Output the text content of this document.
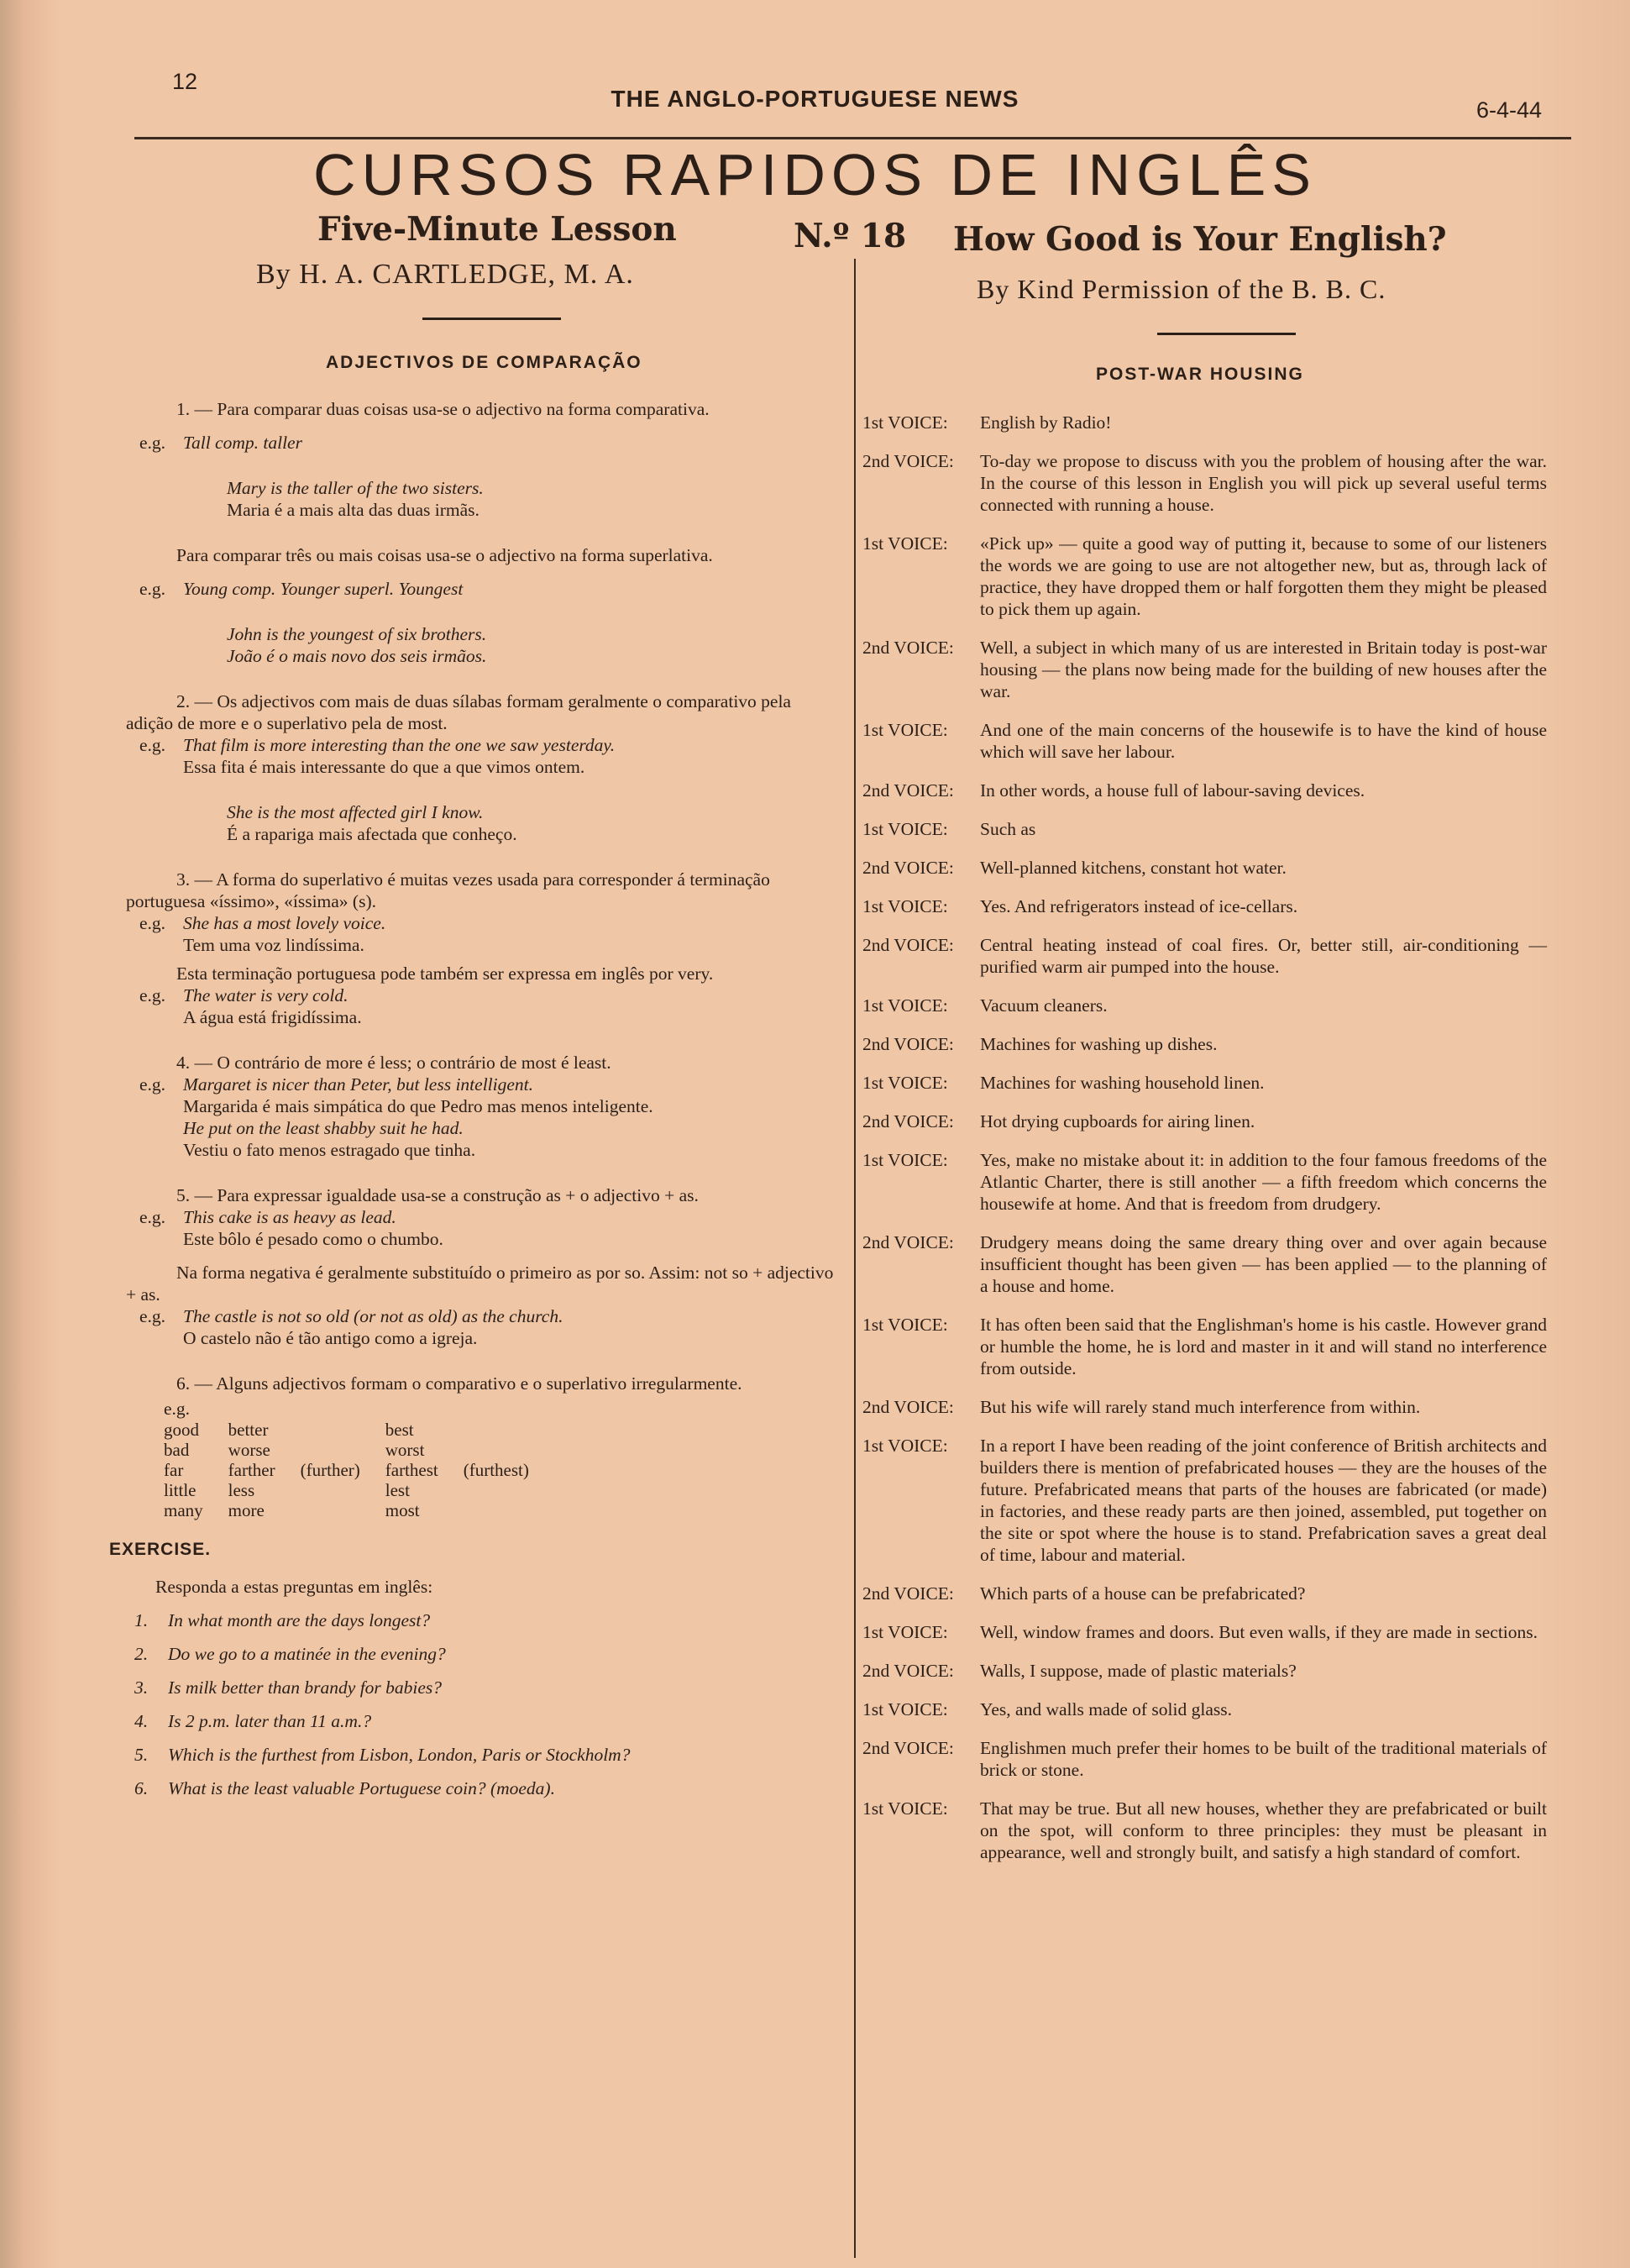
12
THE ANGLO-PORTUGUESE NEWS	6-4-44
CURSOS RAPIDOS DE INGLÊS
Five-Minute Lesson	N.º 18 How Good is Your English?
By H. A. CARTLEDGE, M. A.	By Kind Permission of the B. B. C.
ADJECTIVOS DE COMPARAÇÃO
POST-WAR HOUSING

1. — Para comparar duas coisas usa-se o adjectivo na forma comparativa.

e.g. Tall comp. taller

Mary is the taller of the two sisters.

Maria é a mais alta das duas irmãs.

Para comparar três ou mais coisas usa-se o adjectivo na forma superlativa.

e.g. Young comp. Younger superl. Youngest

John is the youngest of six brothers.

João é o mais novo dos seis irmãos.

2. — Os adjectivos com mais de duas sílabas formam geralmente o comparativo pela adição de more e o superlativo pela de most.

e.g. That film is more interesting than the one we saw yesterday.

Essa fita é mais interessante do que a que vimos ontem.

She is the most affected girl I know.

É a rapariga mais afectada que conheço.

3. — A forma do superlativo é muitas vezes usada para corresponder á terminação portuguesa «íssimo», «íssima» (s).

e.g. She has a most lovely voice.

Tem uma voz lindíssima.

Esta terminação portuguesa pode também ser expressa em inglês por very.

e.g. The water is very cold.

A água está frigidíssima.

4. — O contrário de more é less; o contrário de most é least.

e.g. Margaret is nicer than Peter, but less intelligent.

Margarida é mais simpática do que Pedro mas menos inteligente.

He put on the least shabby suit he had.

Vestiu o fato menos estragado que tinha.

5. — Para expressar igualdade usa-se a construção as + o adjectivo + as.

e.g. This cake is as heavy as lead.

Este bôlo é pesado como o chumbo.

Na forma negativa é geralmente substituído o primeiro as por so. Assim: not so + adjectivo + as.

e.g. The castle is not so old (or not as old) as the church.

O castelo não é tão antigo como a igreja.

6. — Alguns adjectivos formam o comparativo e o superlativo irregularmente.

e.g.

good	better		best	
bad	worse		worst	
far	farther	(further)	farthest	(furthest)
little	less		lest	
many	more		most	
EXERCISE.

Responda a estas preguntas em inglês:

1. In what month are the days longest?

2. Do we go to a matinée in the evening?

3. Is milk better than brandy for babies?

4. Is 2 p.m. later than 11 a.m.?

5. Which is the furthest from Lisbon, London, Paris or Stockholm?

6. What is the least valuable Portuguese coin? (moeda).

1st VOICE:	English by Radio!
2nd VOICE:	To-day we propose to discuss with you the problem of housing after the war. In the course of this lesson in English you will pick up several useful terms connected with running a house.
1st VOICE:	«Pick up» — quite a good way of putting it, because to some of our listeners the words we are going to use are not altogether new, but as, through lack of practice, they have dropped them or half forgotten them they might be pleased to pick them up again.
2nd VOICE:	Well, a subject in which many of us are interested in Britain today is post-war housing — the plans now being made for the building of new houses after the war.
1st VOICE:	And one of the main concerns of the housewife is to have the kind of house which will save her labour.
2nd VOICE:	In other words, a house full of labour-saving devices.
1st VOICE:	Such as
2nd VOICE:	Well-planned kitchens, constant hot water.
1st VOICE:	Yes. And refrigerators instead of ice-cellars.
2nd VOICE:	Central heating instead of coal fires. Or, better still, air-conditioning — purified warm air pumped into the house.
1st VOICE:	Vacuum cleaners.
2nd VOICE:	Machines for washing up dishes.
1st VOICE:	Machines for washing household linen.
2nd VOICE:	Hot drying cupboards for airing linen.
1st VOICE:	Yes, make no mistake about it: in addition to the four famous freedoms of the Atlantic Charter, there is still another — a fifth freedom which concerns the housewife at home. And that is freedom from drudgery.
2nd VOICE:	Drudgery means doing the same dreary thing over and over again because insufficient thought has been given — has been applied — to the planning of a house and home.
1st VOICE:	It has often been said that the Englishman's home is his castle. However grand or humble the home, he is lord and master in it and will stand no interference from outside.
2nd VOICE:	But his wife will rarely stand much interference from within.
1st VOICE:	In a report I have been reading of the joint conference of British architects and builders there is mention of prefabricated houses — they are the houses of the future. Prefabricated means that parts of the houses are fabricated (or made) in factories, and these ready parts are then joined, assembled, put together on the site or spot where the house is to stand. Prefabrication saves a great deal of time, labour and material.
2nd VOICE:	Which parts of a house can be prefabricated?
1st VOICE:	Well, window frames and doors. But even walls, if they are made in sections.
2nd VOICE:	Walls, I suppose, made of plastic materials?
1st VOICE:	Yes, and walls made of solid glass.
2nd VOICE:	Englishmen much prefer their homes to be built of the traditional materials of brick or stone.
1st VOICE:	That may be true. But all new houses, whether they are prefabricated or built on the spot, will conform to three principles: they must be pleasant in appearance, well and strongly built, and satisfy a high standard of comfort.
